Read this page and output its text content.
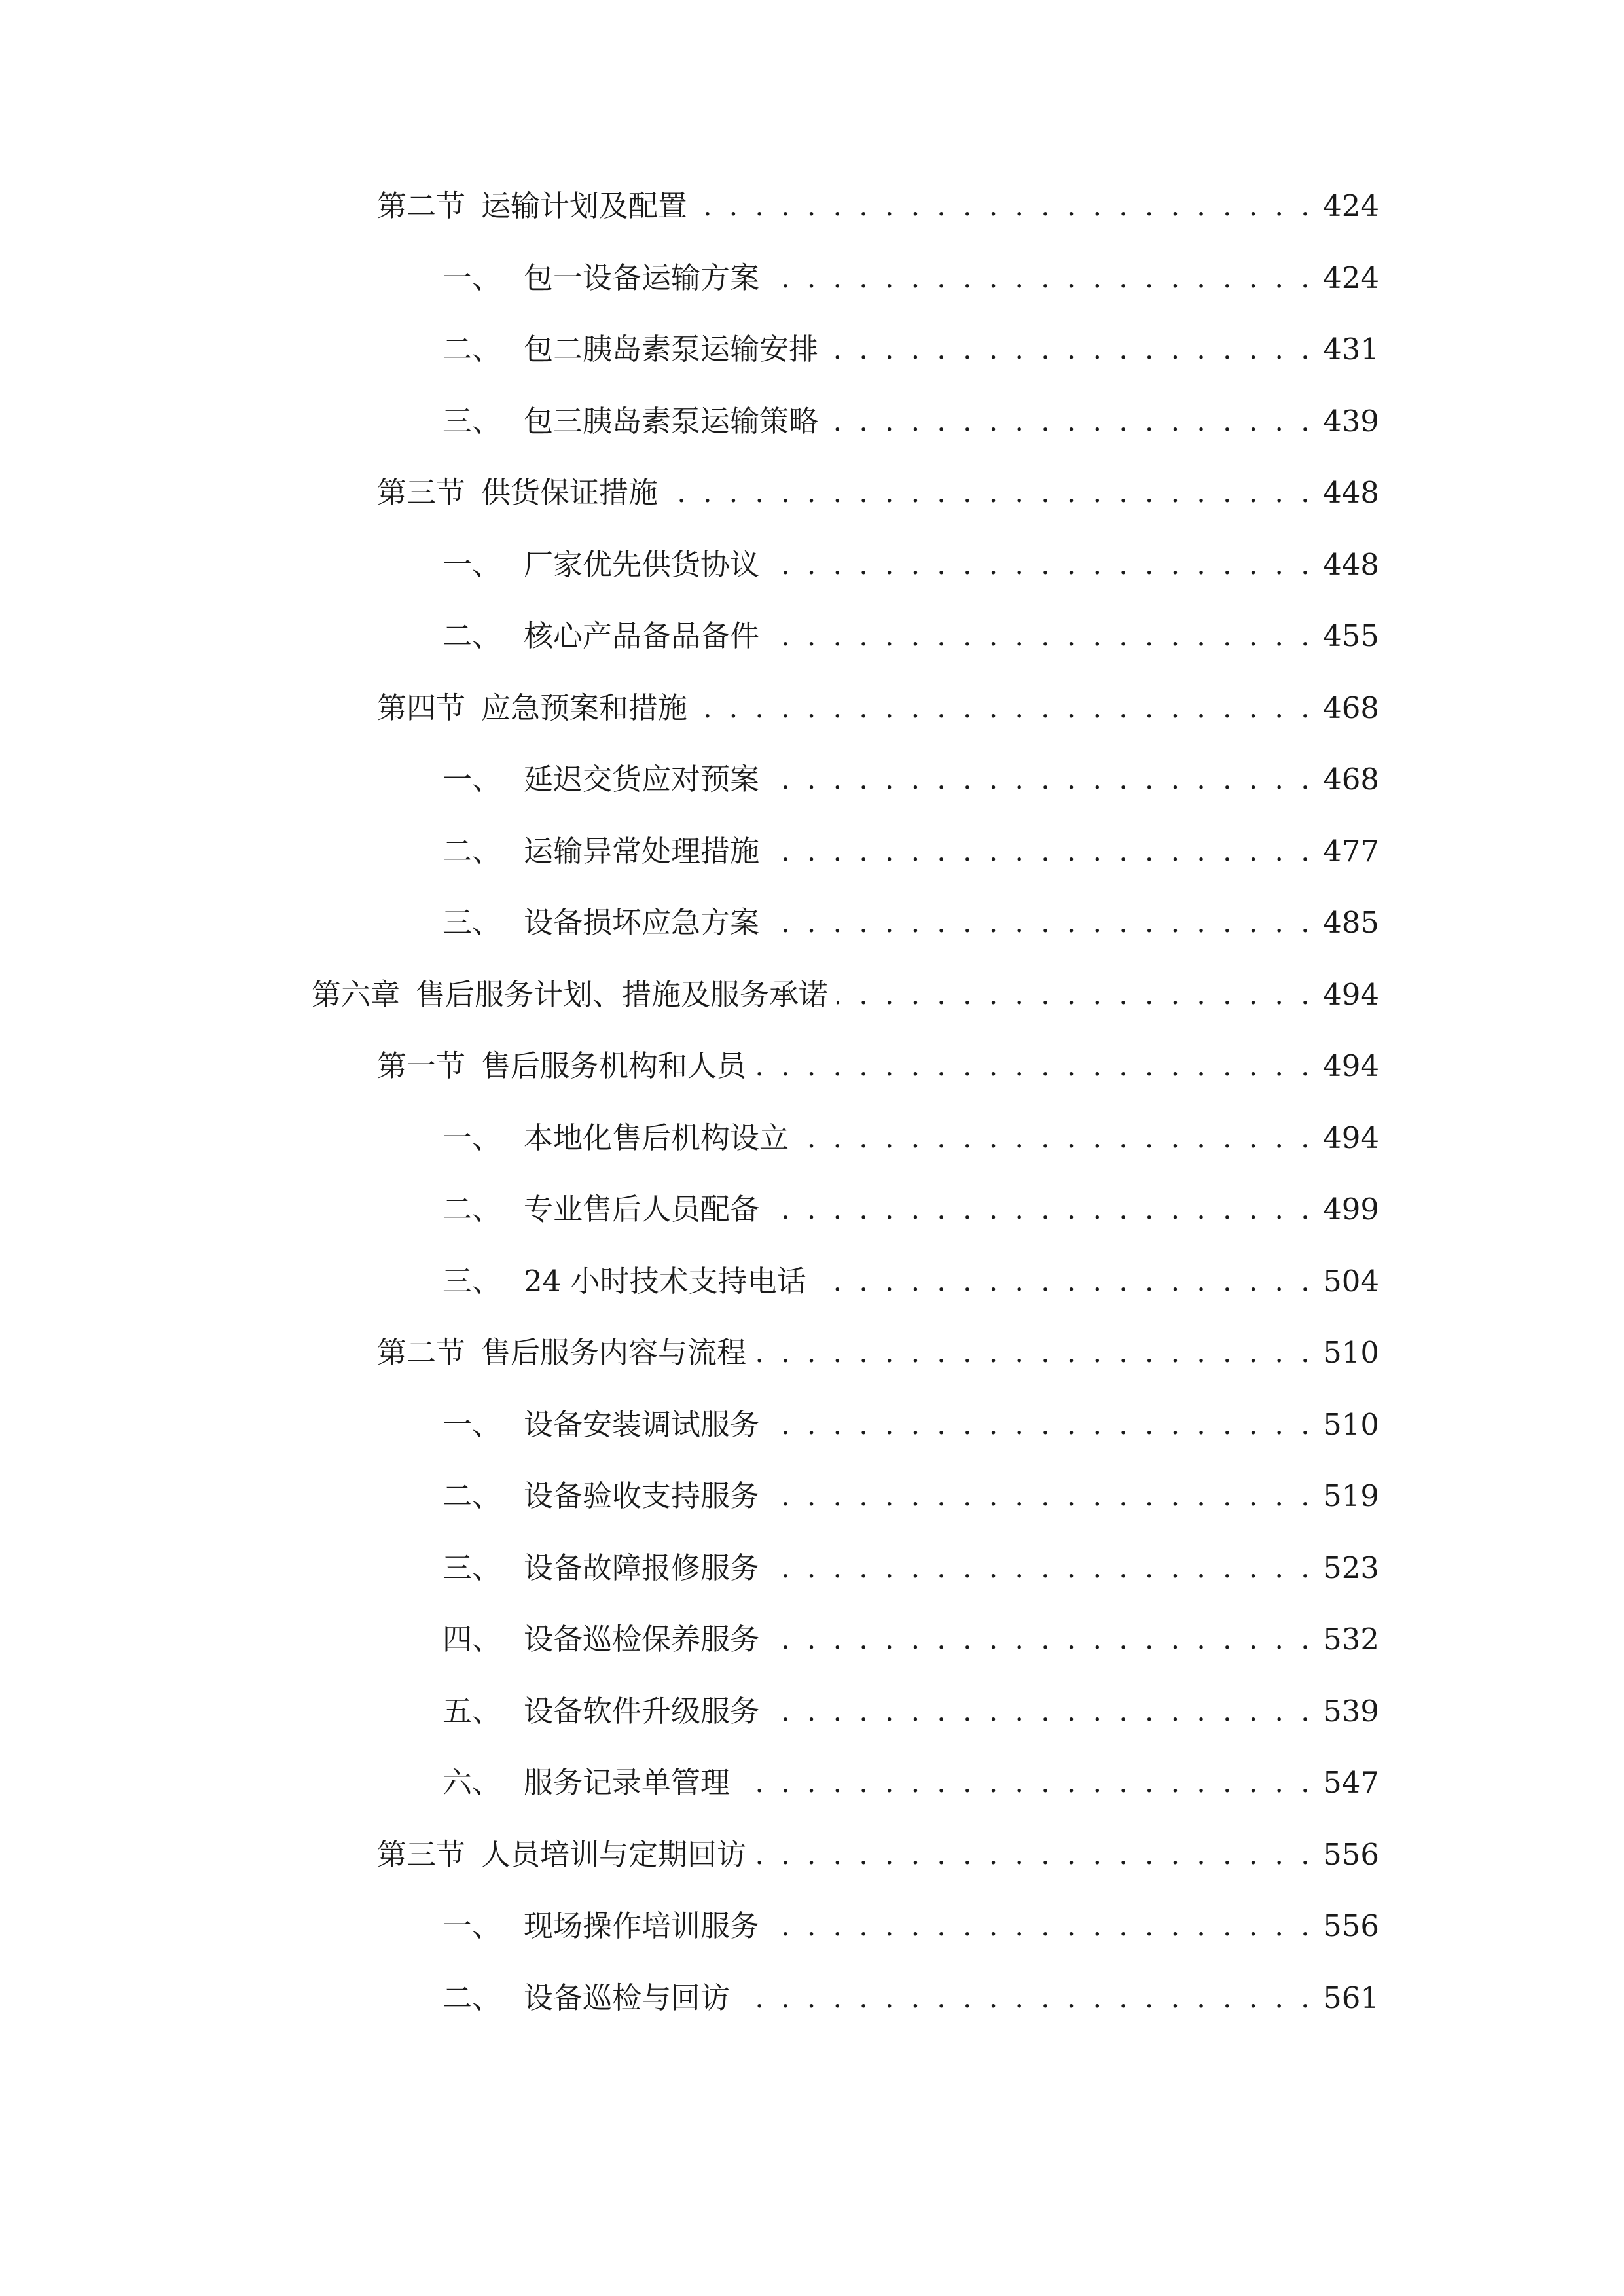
第二节 运输计划及配置 . . .	424
一、 包一设备运输方案 . . .	424
二、 包二胰岛素泵运输安排 . . .	431
三、 包三胰岛素泵运输策略 . . .	439
第三节 供货保证措施 . . .	448
一、 厂家优先供货协议 . . .	448
二、 核心产品备品备件 . . .	455
第四节 应急预案和措施 . . .	468
一、 延迟交货应对预案 . . .	468
二、 运输异常处理措施 . . .	477
三、 设备损坏应急方案 . . .	485
第六章 售后服务计划、措施及服务承诺 . . .	494
第一节 售后服务机构和人员 . . .	494
一、 本地化售后机构设立 . . .	494
二、 专业售后人员配备 . . .	499
三、 24 小时技术支持电话 . . .	504
第二节 售后服务内容与流程 . . .	510
一、 设备安装调试服务 . . .	510
二、 设备验收支持服务 . . .	519
三、 设备故障报修服务 . . .	523
四、 设备巡检保养服务 . . .	532
五、 设备软件升级服务 . . .	539
六、 服务记录单管理 . . .	547
第三节 人员培训与定期回访 . . .	556
一、 现场操作培训服务 . . .	556
二、 设备巡检与回访 . . .	561
